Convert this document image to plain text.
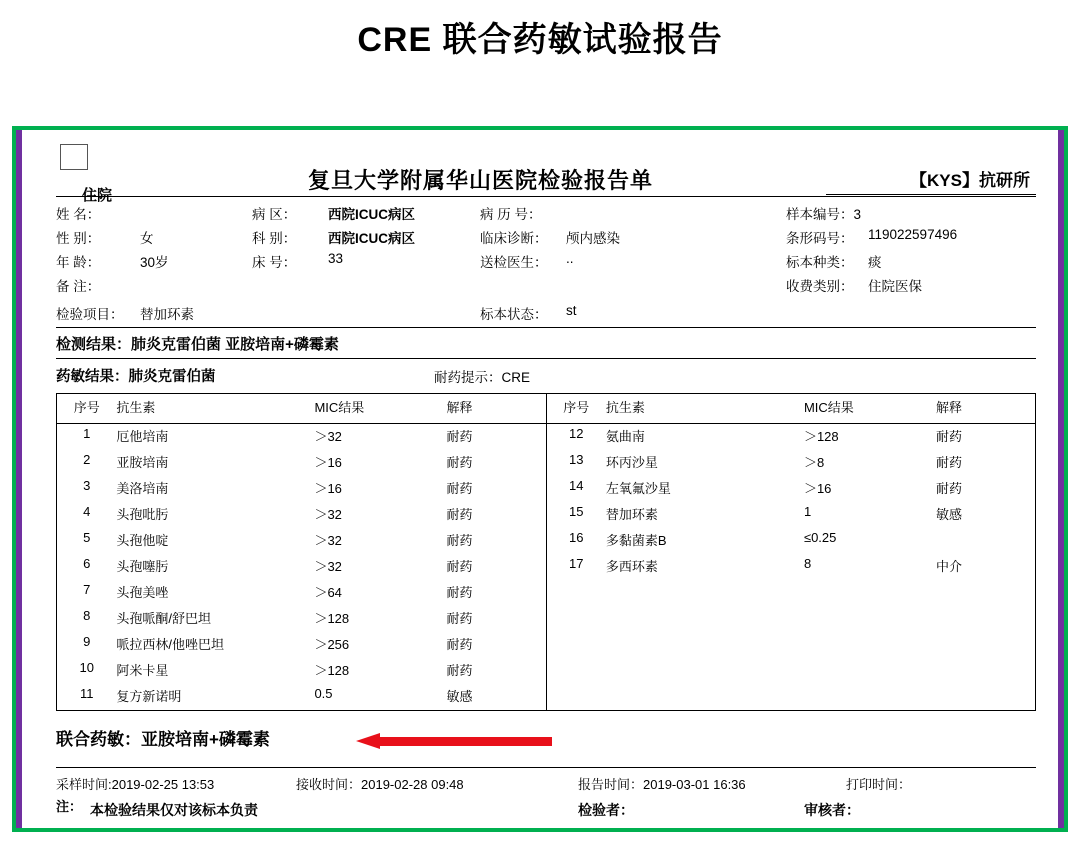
CRE 联合药敏试验报告
复旦大学附属华山医院检验报告单	【KYS】抗研所
住院
姓 名：	病 区： 西院ICUC病区	病 历 号：	样本编号：3
性 别：	女	科 别： 西院ICUC病区	临床诊断： 颅内感染	条形码号： 119022597496
年 龄：	30岁	床 号： 33	送检医生： ..	标本种类： 痰
备 注：	收费类别： 住院医保
检验项目： 替加环素	标本状态： st
检测结果：肺炎克雷伯菌 亚胺培南+磷霉素
药敏结果：肺炎克雷伯菌	耐药提示：CRE
序号	抗生素	MIC结果	解释
1	厄他培南	＞32	耐药
2	亚胺培南	＞16	耐药
3	美洛培南	＞16	耐药
4	头孢吡肟	＞32	耐药
5	头孢他啶	＞32	耐药
6	头孢噻肟	＞32	耐药
7	头孢美唑	＞64	耐药
8	头孢哌酮/舒巴坦	＞128	耐药
9	哌拉西林/他唑巴坦	＞256	耐药
10	阿米卡星	＞128	耐药
11	复方新诺明	0.5	敏感

序号	抗生素	MIC结果	解释
12	氨曲南	＞128	耐药
13	环丙沙星	＞8	耐药
14	左氧氟沙星	＞16	耐药
15	替加环素	1	敏感
16	多黏菌素B	≤0.25	
17	多西环素	8	中介

联合药敏：亚胺培南+磷霉素
采样时间:2019-02-25 13:53	接收时间：2019-02-28 09:48	报告时间：2019-03-01 16:36	打印时间：
注： 本检验结果仅对该标本负责	检验者：	审核者：
